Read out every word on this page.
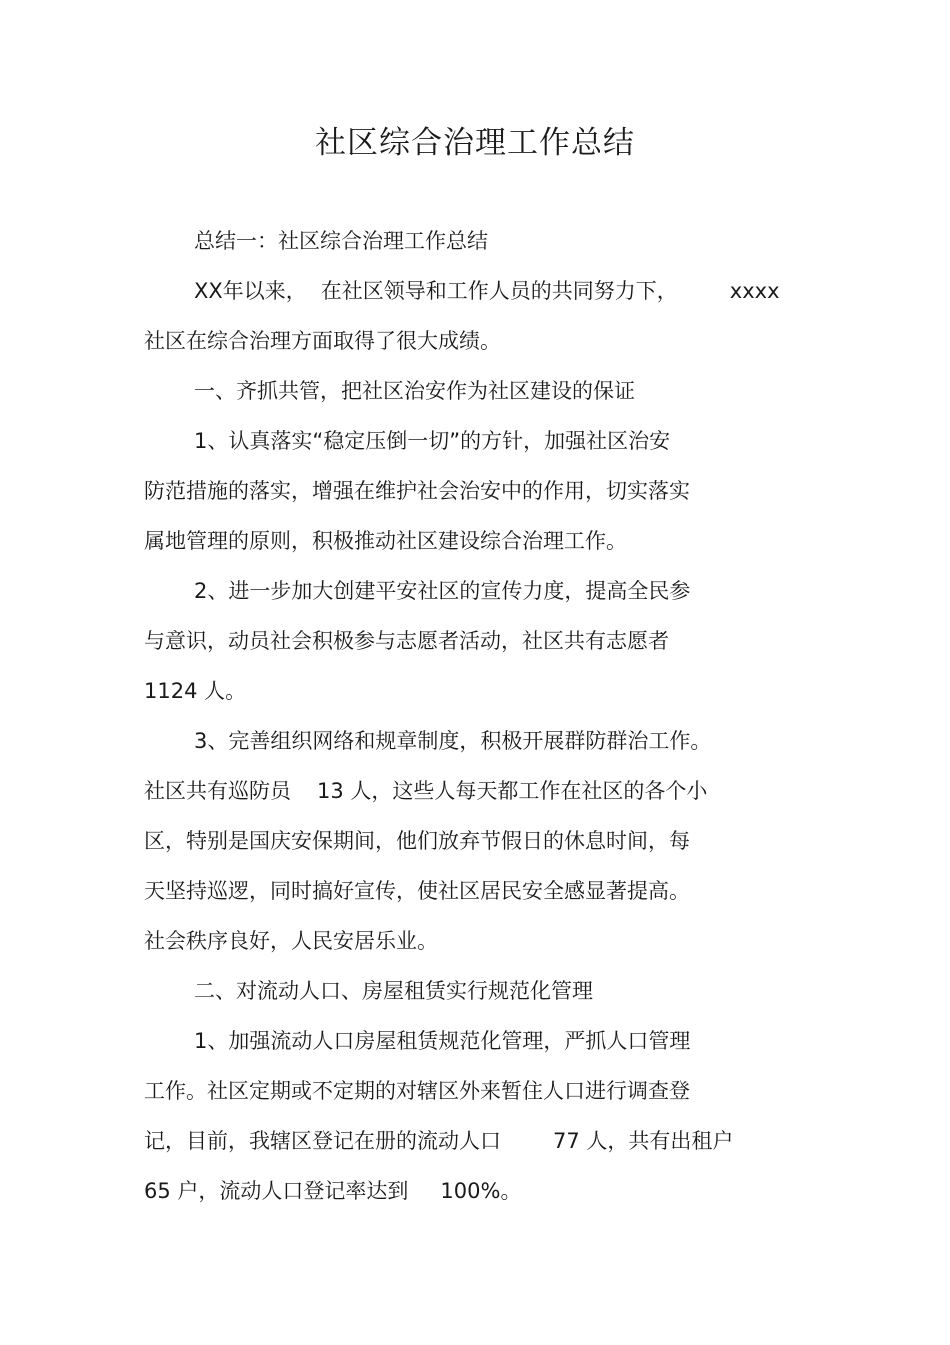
社区综合治理工作总结
总结一：社区综合治理工作总结
XX年以来， 在社区领导和工作人员的共同努力下， xxxx
社区在综合治理方面取得了很大成绩。
一、齐抓共管，把社区治安作为社区建设的保证
1、认真落实“稳定压倒一切”的方针，加强社区治安
防范措施的落实，增强在维护社会治安中的作用，切实落实
属地管理的原则，积极推动社区建设综合治理工作。
2、进一步加大创建平安社区的宣传力度，提高全民参
与意识，动员社会积极参与志愿者活动，社区共有志愿者
1124 人。
3、完善组织网络和规章制度，积极开展群防群治工作。
社区共有巡防员 13 人，这些人每天都工作在社区的各个小
区，特别是国庆安保期间，他们放弃节假日的休息时间，每
天坚持巡逻，同时搞好宣传，使社区居民安全感显著提高。
社会秩序良好，人民安居乐业。
二、对流动人口、房屋租赁实行规范化管理
1、加强流动人口房屋租赁规范化管理，严抓人口管理
工作。社区定期或不定期的对辖区外来暂住人口进行调查登
记，目前，我辖区登记在册的流动人口 77 人，共有出租户
65 户，流动人口登记率达到 100%。
